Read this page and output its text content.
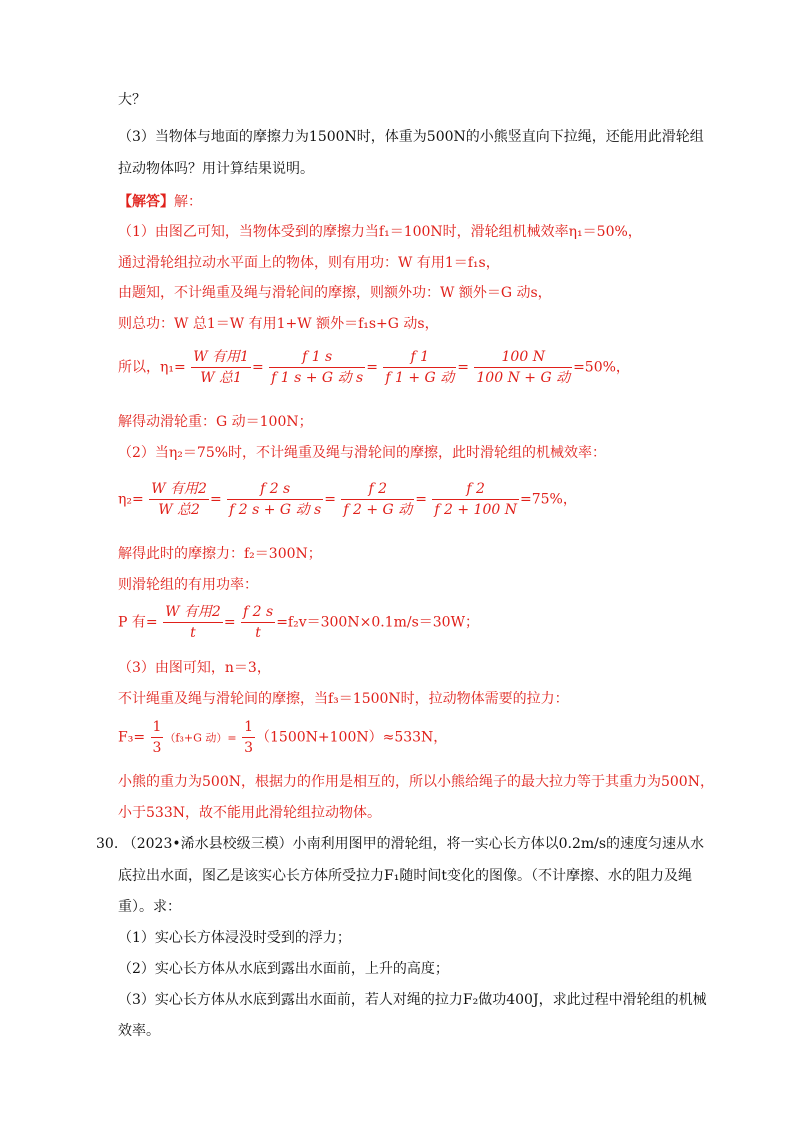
大？
（3）当物体与地面的摩擦力为1500N时，体重为500N的小熊竖直向下拉绳，还能用此滑轮组
拉动物体吗？用计算结果说明。
【解答】解：
（1）由图乙可知，当物体受到的摩擦力当f₁＝100N时，滑轮组机械效率η₁＝50%，
通过滑轮组拉动水平面上的物体，则有用功：W 有用1＝f₁s，
由题知，不计绳重及绳与滑轮间的摩擦，则额外功：W 额外＝G 动s，
则总功：W 总1＝W 有用1+W 额外＝f₁s+G 动s，
所以，$\eta_1= \frac{\text{W 有用1}}{\text{W 总1}} = \frac{f 1 s}{\text{f 1 s + G 动 s}} = \frac{f 1}{\text{f 1 + G 动}} = \frac{100 N}{\text{100 N + G 动}} =50\%$，
解得动滑轮重：G 动＝100N；
（2）当η₂＝75%时，不计绳重及绳与滑轮间的摩擦，此时滑轮组的机械效率：
$\eta_2= \frac{\text{W 有用2}}{\text{W 总2}} = \frac{f 2 s}{\text{f 2 s + G 动 s}} = \frac{f 2}{\text{f 2 + G 动}} = \frac{f 2}{f 2 + 100 N} =75\%$，
解得此时的摩擦力：f₂＝300N；
则滑轮组的有用功率：
P 有= $\frac{\text{W 有用2}}{t} = \frac{f 2 s}{t} =f_2v=300N\times 0.1m/s=30W$；
（3）由图可知，n＝3，
不计绳重及绳与滑轮间的摩擦，当f₃＝1500N时，拉动物体需要的拉力：
$F_3= \frac{1}{3} (f_3+G$ 动）= $\frac{1}{3} (1500N+100N)\approx 533N$，
小熊的重力为500N，根据力的作用是相互的，所以小熊给绳子的最大拉力等于其重力为500N，
小于533N，故不能用此滑轮组拉动物体。
30. （2023•浠水县校级三模）小南利用图甲的滑轮组，将一实心长方体以0.2m/s的速度匀速从水
底拉出水面，图乙是该实心长方体所受拉力F₁随时间t变化的图像。（不计摩擦、水的阻力及绳
重）。求：
（1）实心长方体浸没时受到的浮力；
（2）实心长方体从水底到露出水面前，上升的高度；
（3）实心长方体从水底到露出水面前，若人对绳的拉力F₂做功400J，求此过程中滑轮组的机械
效率。
